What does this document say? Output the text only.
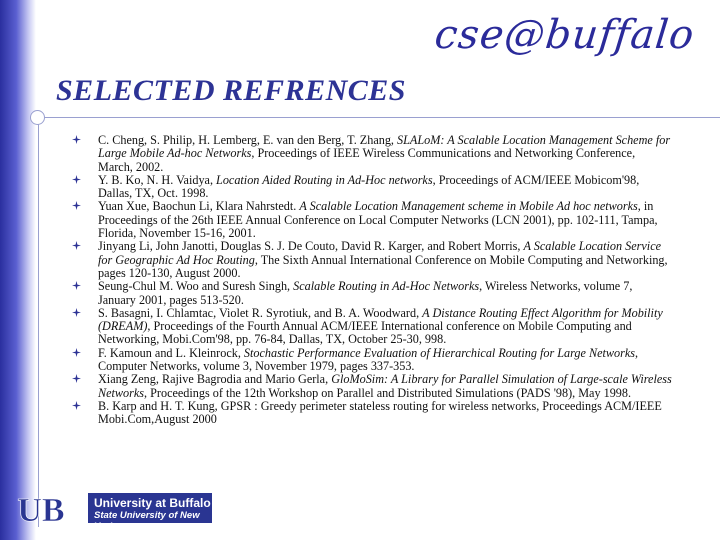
cse@buffalo
SELECTED REFRENCES
C. Cheng, S. Philip, H. Lemberg, E. van den Berg, T. Zhang, SLALoM: A Scalable Location Management Scheme for Large Mobile Ad-hoc Networks, Proceedings of IEEE Wireless Communications and Networking Conference, March, 2002.
Y. B. Ko, N. H. Vaidya, Location Aided Routing in Ad-Hoc networks, Proceedings of ACM/IEEE Mobicom'98, Dallas, TX, Oct. 1998.
Yuan Xue, Baochun Li, Klara Nahrstedt. A Scalable Location Management scheme in Mobile Ad hoc networks, in Proceedings of the 26th IEEE Annual Conference on Local Computer Networks (LCN 2001), pp. 102-111, Tampa, Florida, November 15-16, 2001.
Jinyang Li, John Janotti, Douglas S. J. De Couto, David R. Karger, and Robert Morris, A Scalable Location Service for Geographic Ad Hoc Routing, The Sixth Annual International Conference on Mobile Computing and Networking, pages 120-130, August 2000.
Seung-Chul M. Woo and Suresh Singh, Scalable Routing in Ad-Hoc Networks, Wireless Networks, volume 7, January 2001, pages 513-520.
S. Basagni, I. Chlamtac, Violet R. Syrotiuk, and B. A. Woodward, A Distance Routing Effect Algorithm for Mobility (DREAM), Proceedings of the Fourth Annual ACM/IEEE International conference on Mobile Computing and Networking, Mobi.Com'98, pp. 76-84, Dallas, TX, October 25-30, 998.
F. Kamoun and L. Kleinrock, Stochastic Performance Evaluation of Hierarchical Routing for Large Networks, Computer Networks, volume 3, November 1979, pages 337-353.
Xiang Zeng, Rajive Bagrodia and Mario Gerla, GloMoSim: A Library for Parallel Simulation of Large-scale Wireless Networks, Proceedings of the 12th Workshop on Parallel and Distributed Simulations (PADS '98), May 1998.
B. Karp and H. T. Kung, GPSR : Greedy perimeter stateless routing for wireless networks, Proceedings ACM/IEEE Mobi.Com,August 2000
UB University at Buffalo
State University of New York
